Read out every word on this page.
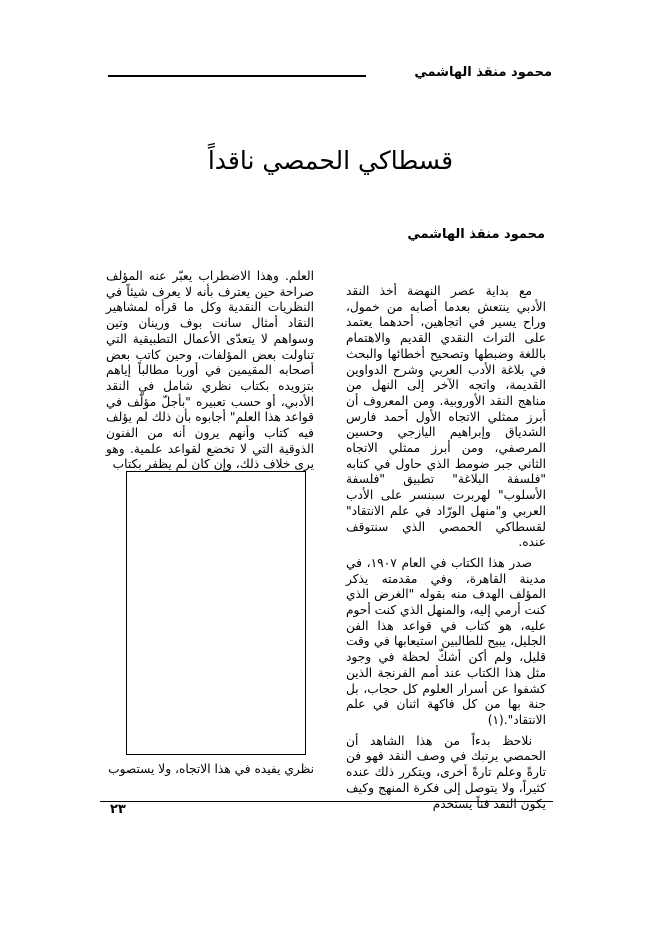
محمود منقذ الهاشمي
قسطاكي الحمصي ناقداً
محمود منقذ الهاشمي

مع بداية عصر النهضة أخذ النقد الأدبي ينتعش بعدما أصابه من خمول، وراح يسير في اتجاهين، أحدهما يعتمد على التراث النقدي القديم والاهتمام باللغة وضبطها وتصحيح أخطائها والبحث في بلاغة الأدب العربي وشرح الدواوين القديمة، واتجه الآخر إلى النهل من مناهج النقد الأوروبية. ومن المعروف أن أبرز ممثلي الاتجاه الأول أحمد فارس الشدياق وإبراهيم اليازجي وحسين المرصفي، ومن أبرز ممثلي الاتجاه الثاني جبر ضومط الذي حاول في كتابه "فلسفة البلاغة" تطبيق "فلسفة الأسلوب" لهربرت سبنسر على الأدب العربي و"منهل الورّاد في علم الانتقاد" لقسطاكي الحمصي الذي سنتوقف عنده.

صدر هذا الكتاب في العام ١٩٠٧، في مدينة القاهرة، وفي مقدمته يذكر المؤلف الهدف منه بقوله "الغرض الذي كنت أرمي إليه، والمنهل الذي كنت أحوم عليه، هو كتاب في قواعد هذا الفن الجليل، يبيح للطالبين استيعابها في وقت قليل، ولم أكن أشكّ لحظة في وجود مثل هذا الكتاب عند أمم الفرنجة الذين كشفوا عن أسرار العلوم كل حجاب، بل جنة بها من كل فاكهة اثنان في علم الانتقاد".(١)

نلاحظ بدءاً من هذا الشاهد أن الحمصي يرتبك في وصف النقد فهو فن تارةً وعلم تارةً أخرى، ويتكرر ذلك عنده كثيراً، ولا يتوصل إلى فكرة المنهج وكيف يكون النقد فناً يستخدم

العلم. وهذا الاضطراب يعبّر عنه المؤلف صراحة حين يعترف بأنه لا يعرف شيئاً في النظريات النقدية وكل ما قرأه لمشاهير النقاد أمثال سانت بوف ورينان وتين وسواهم لا يتعدّى الأعمال التطبيقية التي تناولت بعض المؤلفات، وحين كاتب بعض أصحابه المقيمين في أوربا مطالباً إياهم بتزويده بكتاب نظري شامل في النقد الأدبي، أو حسب تعبيره "بأجلّ مؤلّف في قواعد هذا العلم" أجابوه بأن ذلك لم يؤلف فيه كتاب وأنهم يرون أنه من الفنون الذوقية التي لا تخضع لقواعد علمية. وهو يرى خلاف ذلك، وإن كان لم يظفر بكتاب

نظري يفيده في هذا الاتجاه، ولا يستصوب
٢٣
